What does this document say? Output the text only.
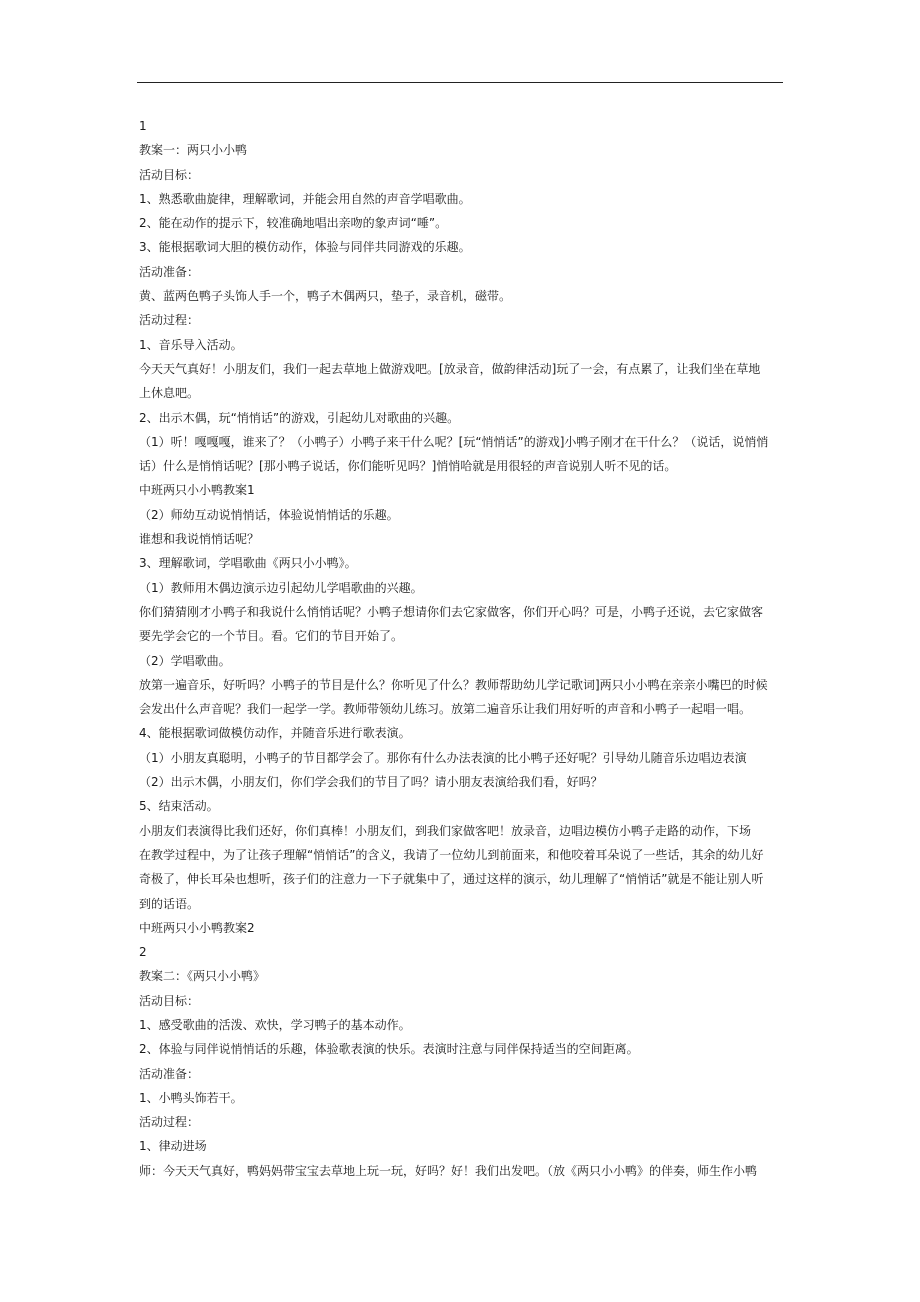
1

教案一：两只小小鸭

活动目标：

1、熟悉歌曲旋律，理解歌词，并能会用自然的声音学唱歌曲。

2、能在动作的提示下，较准确地唱出亲吻的象声词“唾”。

3、能根据歌词大胆的模仿动作，体验与同伴共同游戏的乐趣。

活动准备：

黄、蓝两色鸭子头饰人手一个，鸭子木偶两只，垫子，录音机，磁带。

活动过程：

1、音乐导入活动。

今天天气真好！小朋友们，我们一起去草地上做游戏吧。[放录音，做韵律活动]玩了一会，有点累了，让我们坐在草地

上休息吧。

2、出示木偶，玩“悄悄话”的游戏，引起幼儿对歌曲的兴趣。

（1）听！嘎嘎嘎，谁来了？（小鸭子）小鸭子来干什么呢？[玩“悄悄话”的游戏]小鸭子刚才在干什么？（说话，说悄悄

话）什么是悄悄话呢？[那小鸭子说话，你们能听见吗？]悄悄哈就是用很轻的声音说别人听不见的话。

中班两只小小鸭教案1

（2）师幼互动说悄悄话，体验说悄悄话的乐趣。

谁想和我说悄悄话呢？

3、理解歌词，学唱歌曲《两只小小鸭》。

（1）教师用木偶边演示边引起幼儿学唱歌曲的兴趣。

你们猜猜刚才小鸭子和我说什么悄悄话呢？小鸭子想请你们去它家做客，你们开心吗？可是，小鸭子还说，去它家做客

要先学会它的一个节目。看。它们的节目开始了。

（2）学唱歌曲。

放第一遍音乐，好听吗？小鸭子的节目是什么？你听见了什么？教师帮助幼儿学记歌词]两只小小鸭在亲亲小嘴巴的时候

会发出什么声音呢？我们一起学一学。教师带领幼儿练习。放第二遍音乐让我们用好听的声音和小鸭子一起唱一唱。

4、能根据歌词做模仿动作，并随音乐进行歌表演。

（1）小朋友真聪明，小鸭子的节目都学会了。那你有什么办法表演的比小鸭子还好呢？引导幼儿随音乐边唱边表演

（2）出示木偶，小朋友们，你们学会我们的节目了吗？请小朋友表演给我们看，好吗？

5、结束活动。

小朋友们表演得比我们还好，你们真棒！小朋友们，到我们家做客吧！放录音，边唱边模仿小鸭子走路的动作，下场

在教学过程中，为了让孩子理解“悄悄话”的含义，我请了一位幼儿到前面来，和他咬着耳朵说了一些话，其余的幼儿好

奇极了，伸长耳朵也想听，孩子们的注意力一下子就集中了，通过这样的演示，幼儿理解了“悄悄话”就是不能让别人听

到的话语。

中班两只小小鸭教案2

2

教案二：《两只小小鸭》

活动目标：

1、感受歌曲的活泼、欢快，学习鸭子的基本动作。

2、体验与同伴说悄悄话的乐趣，体验歌表演的快乐。表演时注意与同伴保持适当的空间距离。

活动准备：

1、小鸭头饰若干。

活动过程：

1、律动进场

师：今天天气真好，鸭妈妈带宝宝去草地上玩一玩，好吗？好！我们出发吧。（放《两只小小鸭》的伴奏，师生作小鸭
